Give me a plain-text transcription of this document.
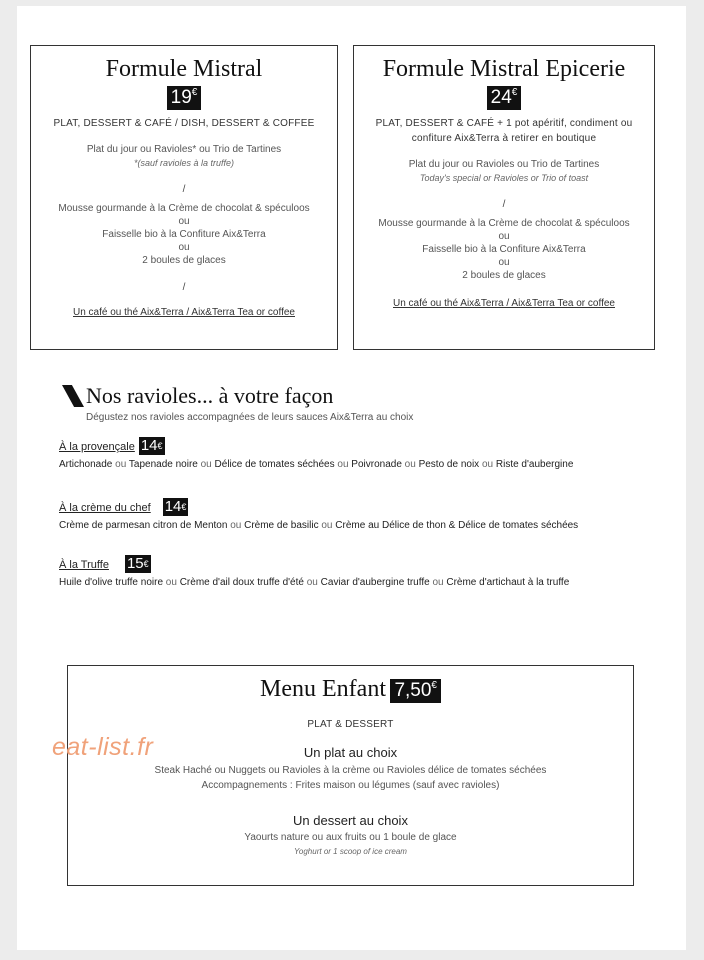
Formule Mistral
19€
PLAT, DESSERT & CAFÉ / DISH, DESSERT & COFFEE
Plat du jour ou Ravioles* ou Trio de Tartines
*(sauf ravioles à la truffe)
/
Mousse gourmande à la Crème de chocolat & spéculoos
ou
Faisselle bio à la Confiture Aix&Terra
ou
2 boules de glaces
/
Un café ou thé Aix&Terra / Aix&Terra Tea or coffee
Formule Mistral Epicerie
24€
PLAT, DESSERT & CAFÉ + 1 pot apéritif, condiment ou confiture Aix&Terra à retirer en boutique
Plat du jour ou Ravioles ou Trio de Tartines
Today's special or Ravioles or Trio of toast
/
Mousse gourmande à la Crème de chocolat & spéculoos
ou
Faisselle bio à la Confiture Aix&Terra
ou
2 boules de glaces
Un café ou thé Aix&Terra / Aix&Terra Tea or coffee
Nos ravioles... à votre façon
Dégustez nos ravioles accompagnées de leurs sauces Aix&Terra au choix
À la provençale 14€
Artichonade ou Tapenade noire ou Délice de tomates séchées ou Poivronade ou Pesto de noix ou Riste d'aubergine
À la crème du chef 14€
Crème de parmesan citron de Menton ou Crème de basilic ou Crème au Délice de thon & Délice de tomates séchées
À la Truffe 15€
Huile d'olive truffe noire ou Crème d'ail doux truffe d'été ou Caviar d'aubergine truffe ou Crème d'artichaut à la truffe
Menu Enfant 7,50€
PLAT & DESSERT
Un plat au choix
Steak Haché ou Nuggets ou Ravioles à la crème ou Ravioles délice de tomates séchées
Accompagnements : Frites maison ou légumes (sauf avec ravioles)
Un dessert au choix
Yaourts nature ou aux fruits ou 1 boule de glace
Yoghurt or 1 scoop of ice cream
eat-list.fr
